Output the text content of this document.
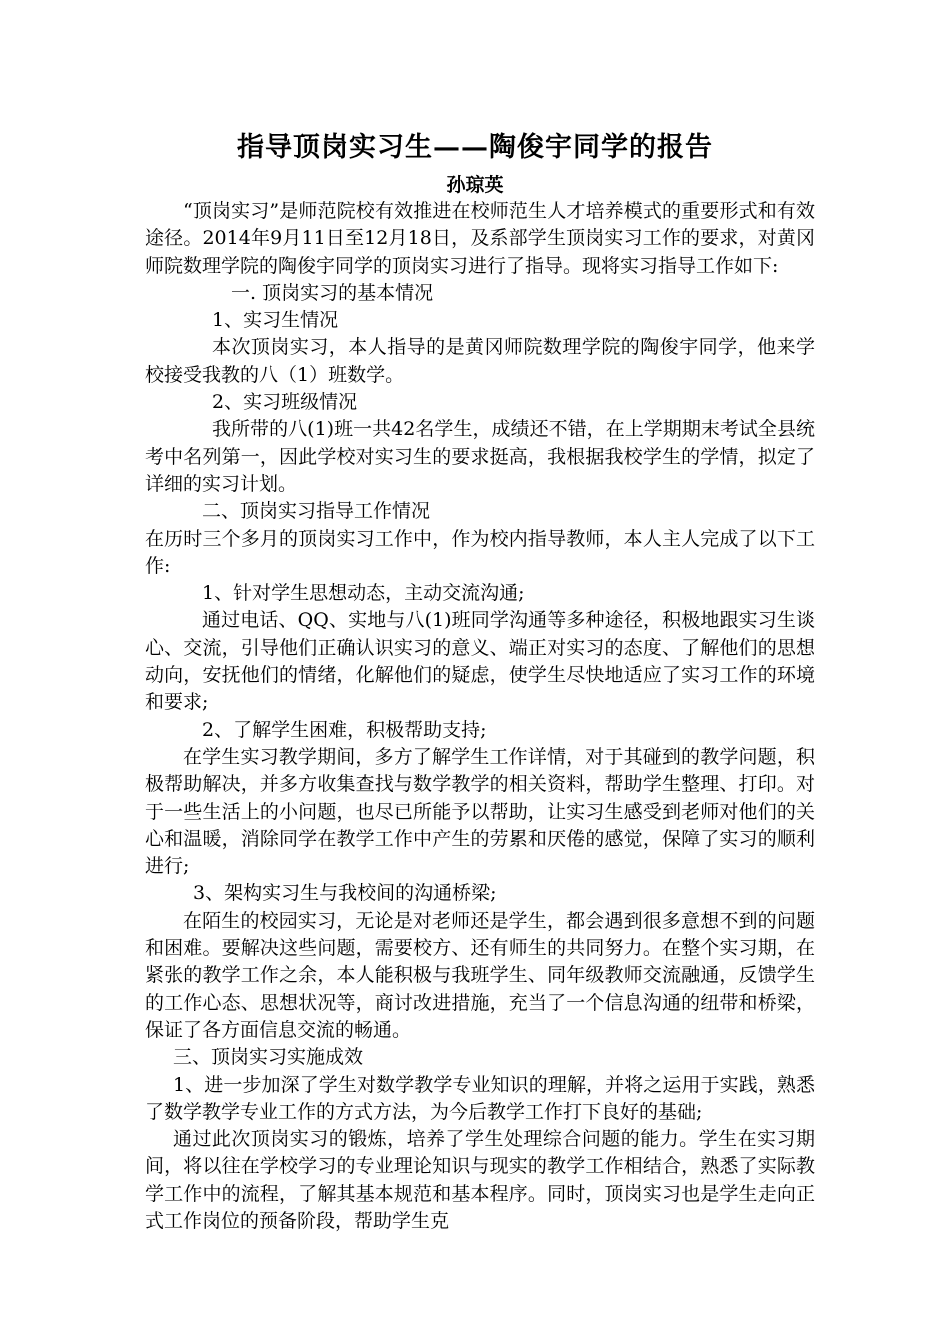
指导顶岗实习生——陶俊宇同学的报告
孙琼英

“顶岗实习”是师范院校有效推进在校师范生人才培养模式的重要形式和有效途径。2014年9月11日至12月18日，及系部学生顶岗实习工作的要求，对黄冈师院数理学院的陶俊宇同学的顶岗实习进行了指导。现将实习指导工作如下:

一. 顶岗实习的基本情况

1、实习生情况

本次顶岗实习，本人指导的是黄冈师院数理学院的陶俊宇同学，他来学校接受我教的八（1）班数学。

2、实习班级情况

我所带的八(1)班一共42名学生，成绩还不错，在上学期期末考试全县统考中名列第一，因此学校对实习生的要求挺高，我根据我校学生的学情，拟定了详细的实习计划。

二、顶岗实习指导工作情况

在历时三个多月的顶岗实习工作中，作为校内指导教师，本人主人完成了以下工作:

1、针对学生思想动态，主动交流沟通;

通过电话、QQ、实地与八(1)班同学沟通等多种途径，积极地跟实习生谈心、交流，引导他们正确认识实习的意义、端正对实习的态度、了解他们的思想动向，安抚他们的情绪，化解他们的疑虑，使学生尽快地适应了实习工作的环境和要求;

2、了解学生困难，积极帮助支持;

在学生实习教学期间，多方了解学生工作详情，对于其碰到的教学问题，积极帮助解决，并多方收集查找与数学教学的相关资料，帮助学生整理、打印。对于一些生活上的小问题，也尽已所能予以帮助，让实习生感受到老师对他们的关心和温暖，消除同学在教学工作中产生的劳累和厌倦的感觉，保障了实习的顺利进行;

3、架构实习生与我校间的沟通桥梁;

在陌生的校园实习，无论是对老师还是学生，都会遇到很多意想不到的问题和困难。要解决这些问题，需要校方、还有师生的共同努力。在整个实习期，在紧张的教学工作之余，本人能积极与我班学生、同年级教师交流融通，反馈学生的工作心态、思想状况等，商讨改进措施，充当了一个信息沟通的纽带和桥梁，保证了各方面信息交流的畅通。

三、顶岗实习实施成效

1、进一步加深了学生对数学教学专业知识的理解，并将之运用于实践，熟悉了数学教学专业工作的方式方法，为今后教学工作打下良好的基础;

通过此次顶岗实习的锻炼，培养了学生处理综合问题的能力。学生在实习期间，将以往在学校学习的专业理论知识与现实的教学工作相结合，熟悉了实际教学工作中的流程，了解其基本规范和基本程序。同时，顶岗实习也是学生走向正式工作岗位的预备阶段，帮助学生克
